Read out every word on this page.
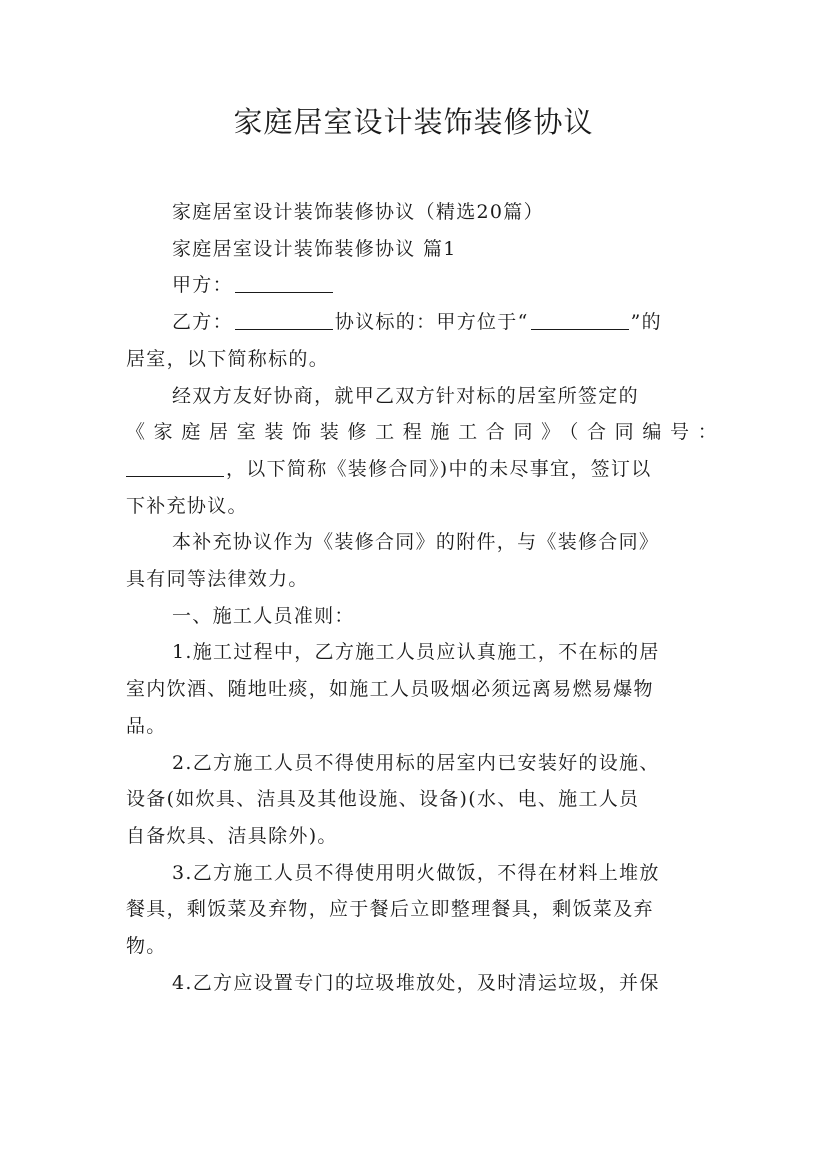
家庭居室设计装饰装修协议
家庭居室设计装饰装修协议（精选20篇）
家庭居室设计装饰装修协议 篇1
甲方：
乙方：	协议标的：甲方位于“	”的
居室，以下简称标的。
经双方友好协商，就甲乙双方针对标的居室所签定的
《家庭居室装饰装修工程施工合同》（合同编号：
，以下简称《装修合同》)中的未尽事宜，签订以
下补充协议。
本补充协议作为《装修合同》的附件，与《装修合同》
具有同等法律效力。
一、施工人员准则：
1.施工过程中，乙方施工人员应认真施工，不在标的居
室内饮酒、随地吐痰，如施工人员吸烟必须远离易燃易爆物
品。
2.乙方施工人员不得使用标的居室内已安装好的设施、
设备(如炊具、洁具及其他设施、设备)(水、电、施工人员
自备炊具、洁具除外)。
3.乙方施工人员不得使用明火做饭，不得在材料上堆放
餐具，剩饭菜及弃物，应于餐后立即整理餐具，剩饭菜及弃
物。
4.乙方应设置专门的垃圾堆放处，及时清运垃圾，并保
